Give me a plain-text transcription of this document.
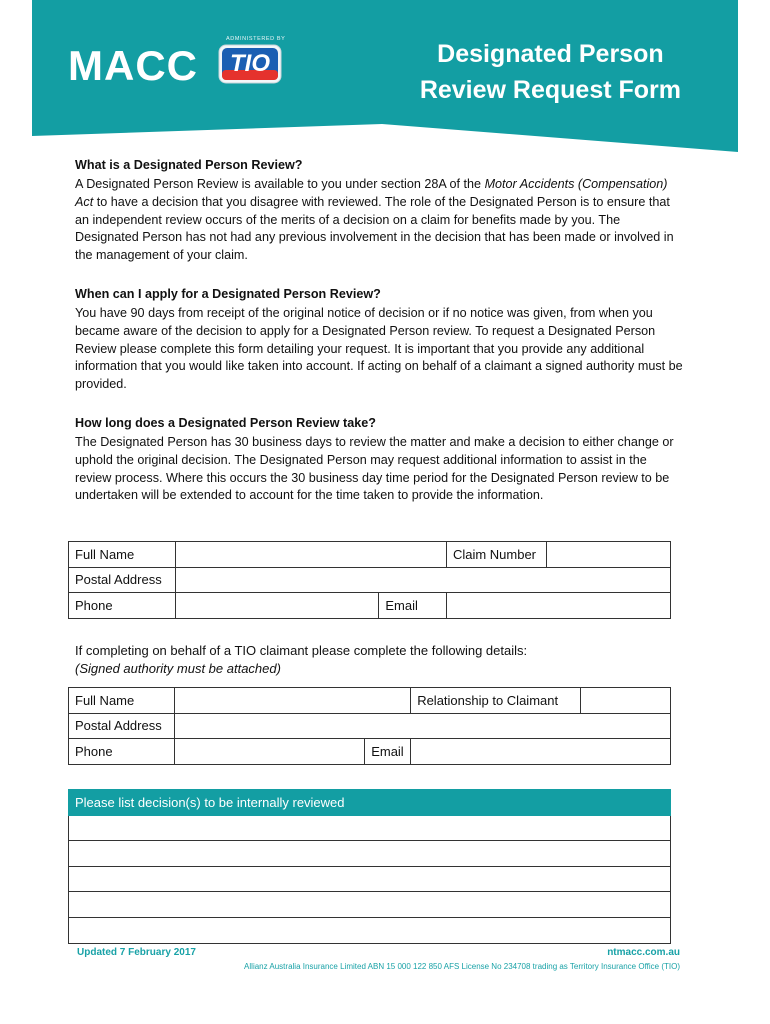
MACC
ADMINISTERED BY
TIO	Designated Person
Review Request Form
What is a Designated Person Review?

A Designated Person Review is available to you under section 28A of the Motor Accidents (Compensation) Act to have a decision that you disagree with reviewed. The role of the Designated Person is to ensure that an independent review occurs of the merits of a decision on a claim for benefits made by you. The Designated Person has not had any previous involvement in the decision that has been made or involved in the management of your claim.

When can I apply for a Designated Person Review?

You have 90 days from receipt of the original notice of decision or if no notice was given, from when you became aware of the decision to apply for a Designated Person review. To request a Designated Person Review please complete this form detailing your request. It is important that you provide any additional information that you would like taken into account. If acting on behalf of a claimant a signed authority must be provided.

How long does a Designated Person Review take?

The Designated Person has 30 business days to review the matter and make a decision to either change or uphold the original decision. The Designated Person may request additional information to assist in the review process. Where this occurs the 30 business day time period for the Designated Person review to be undertaken will be extended to account for the time taken to provide the information.

Full Name			Claim Number	
Postal Address				
Phone		Email		
If completing on behalf of a TIO claimant please complete the following details:
(Signed authority must be attached)
Full Name			Relationship to Claimant	
Postal Address				
Phone		Email		
Please list decision(s) to be internally reviewed

Updated 7 February 2017	ntmacc.com.au
Allianz Australia Insurance Limited ABN 15 000 122 850 AFS License No 234708 trading as Territory Insurance Office (TIO)
